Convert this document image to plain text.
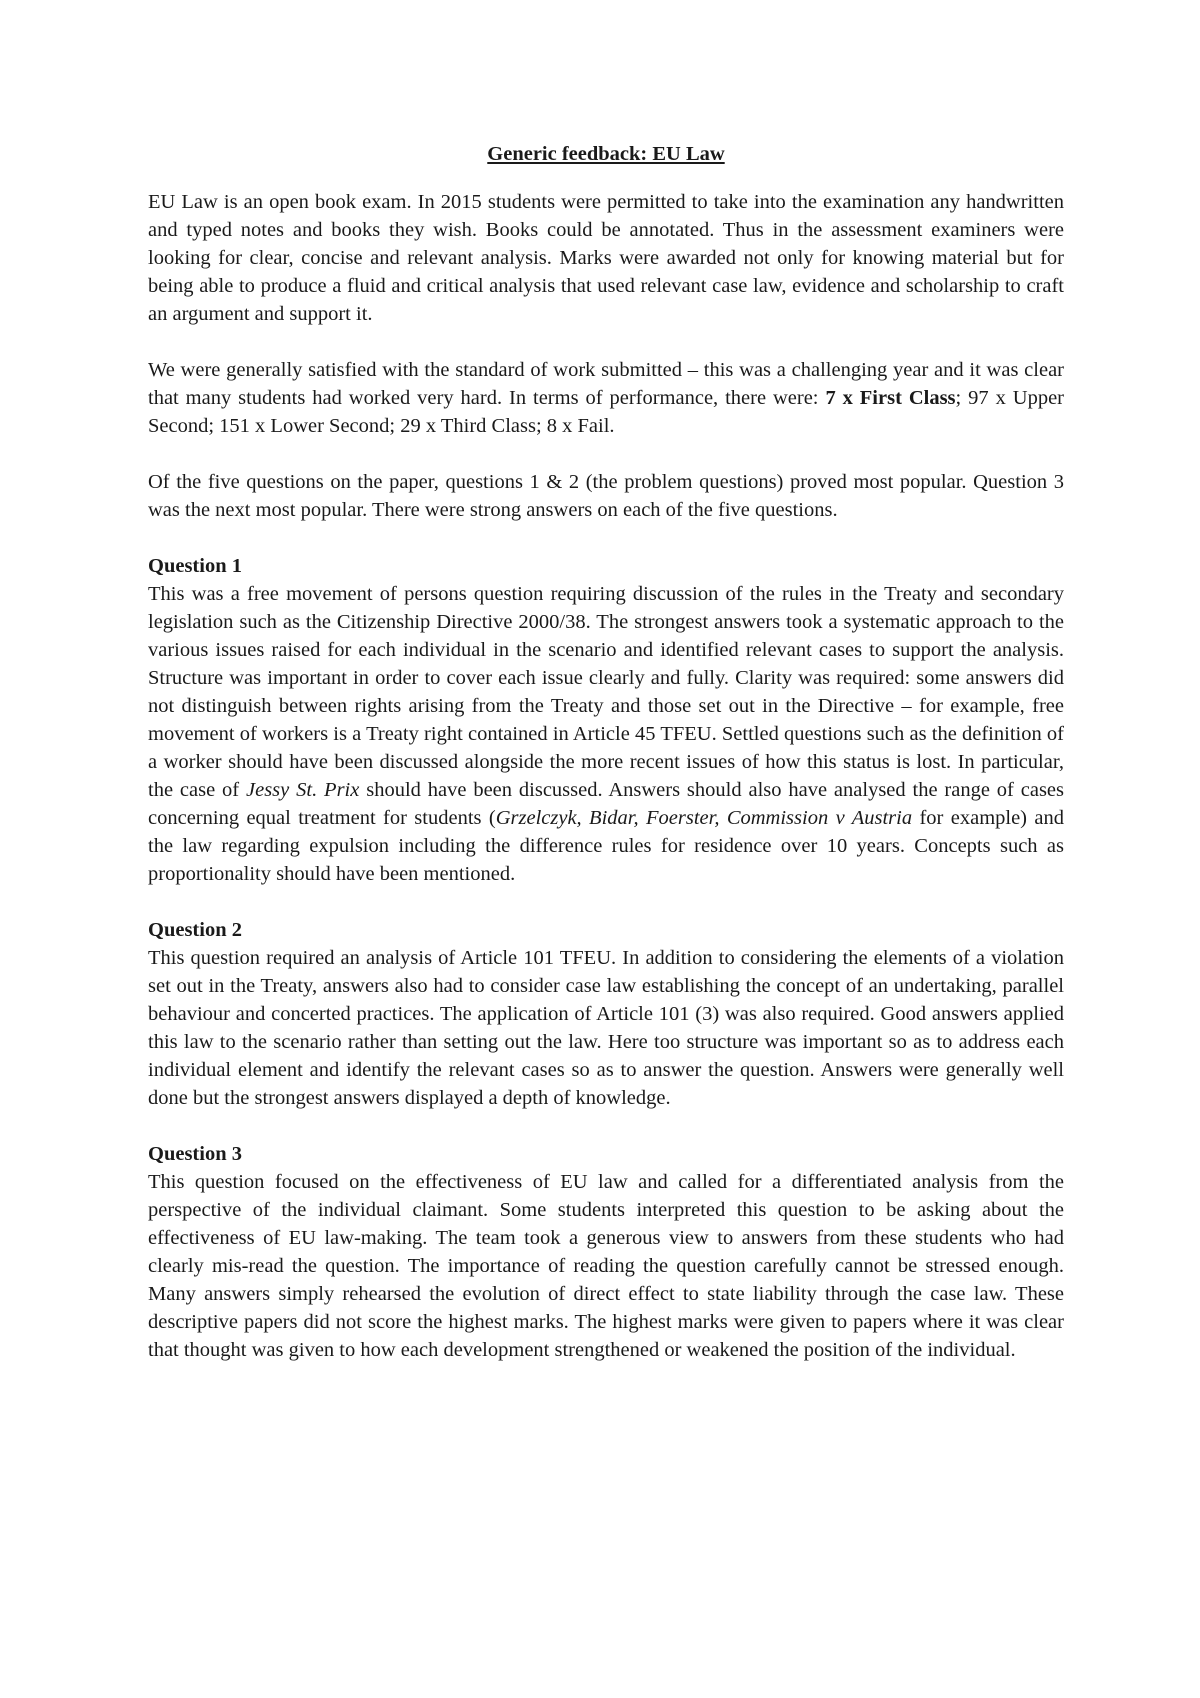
Generic feedback: EU Law

EU Law is an open book exam. In 2015 students were permitted to take into the examination any handwritten and typed notes and books they wish. Books could be annotated. Thus in the assessment examiners were looking for clear, concise and relevant analysis. Marks were awarded not only for knowing material but for being able to produce a fluid and critical analysis that used relevant case law, evidence and scholarship to craft an argument and support it.

We were generally satisfied with the standard of work submitted – this was a challenging year and it was clear that many students had worked very hard. In terms of performance, there were: 7 x First Class; 97 x Upper Second; 151 x Lower Second; 29 x Third Class; 8 x Fail.

Of the five questions on the paper, questions 1 & 2 (the problem questions) proved most popular. Question 3 was the next most popular. There were strong answers on each of the five questions.

Question 1
This was a free movement of persons question requiring discussion of the rules in the Treaty and secondary legislation such as the Citizenship Directive 2000/38. The strongest answers took a systematic approach to the various issues raised for each individual in the scenario and identified relevant cases to support the analysis. Structure was important in order to cover each issue clearly and fully. Clarity was required: some answers did not distinguish between rights arising from the Treaty and those set out in the Directive – for example, free movement of workers is a Treaty right contained in Article 45 TFEU. Settled questions such as the definition of a worker should have been discussed alongside the more recent issues of how this status is lost. In particular, the case of Jessy St. Prix should have been discussed. Answers should also have analysed the range of cases concerning equal treatment for students (Grzelczyk, Bidar, Foerster, Commission v Austria for example) and the law regarding expulsion including the difference rules for residence over 10 years. Concepts such as proportionality should have been mentioned.
Question 2
This question required an analysis of Article 101 TFEU. In addition to considering the elements of a violation set out in the Treaty, answers also had to consider case law establishing the concept of an undertaking, parallel behaviour and concerted practices. The application of Article 101 (3) was also required. Good answers applied this law to the scenario rather than setting out the law. Here too structure was important so as to address each individual element and identify the relevant cases so as to answer the question. Answers were generally well done but the strongest answers displayed a depth of knowledge.
Question 3
This question focused on the effectiveness of EU law and called for a differentiated analysis from the perspective of the individual claimant. Some students interpreted this question to be asking about the effectiveness of EU law-making. The team took a generous view to answers from these students who had clearly mis-read the question. The importance of reading the question carefully cannot be stressed enough. Many answers simply rehearsed the evolution of direct effect to state liability through the case law. These descriptive papers did not score the highest marks. The highest marks were given to papers where it was clear that thought was given to how each development strengthened or weakened the position of the individual.
